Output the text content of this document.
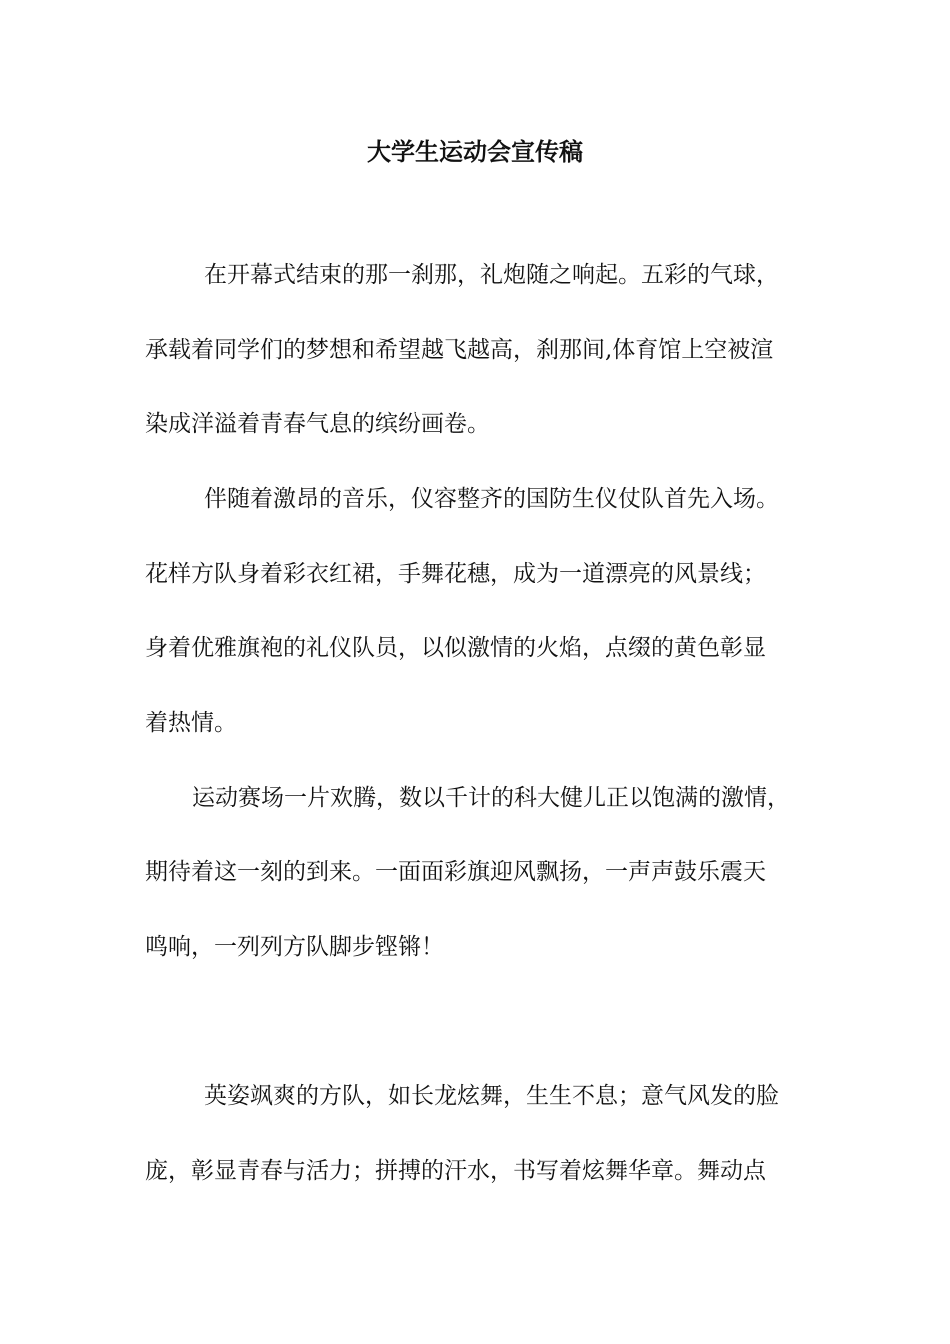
大学生运动会宣传稿

在开幕式结束的那一刹那，礼炮随之响起。五彩的气球，

承载着同学们的梦想和希望越飞越高，刹那间,体育馆上空被渲

染成洋溢着青春气息的缤纷画卷。

伴随着激昂的音乐，仪容整齐的国防生仪仗队首先入场。

花样方队身着彩衣红裙，手舞花穗，成为一道漂亮的风景线；

身着优雅旗袍的礼仪队员，以似激情的火焰，点缀的黄色彰显

着热情。

运动赛场一片欢腾，数以千计的科大健儿正以饱满的激情，

期待着这一刻的到来。一面面彩旗迎风飘扬，一声声鼓乐震天

鸣响，一列列方队脚步铿锵！

英姿飒爽的方队，如长龙炫舞，生生不息；意气风发的脸

庞，彰显青春与活力；拼搏的汗水，书写着炫舞华章。舞动点
